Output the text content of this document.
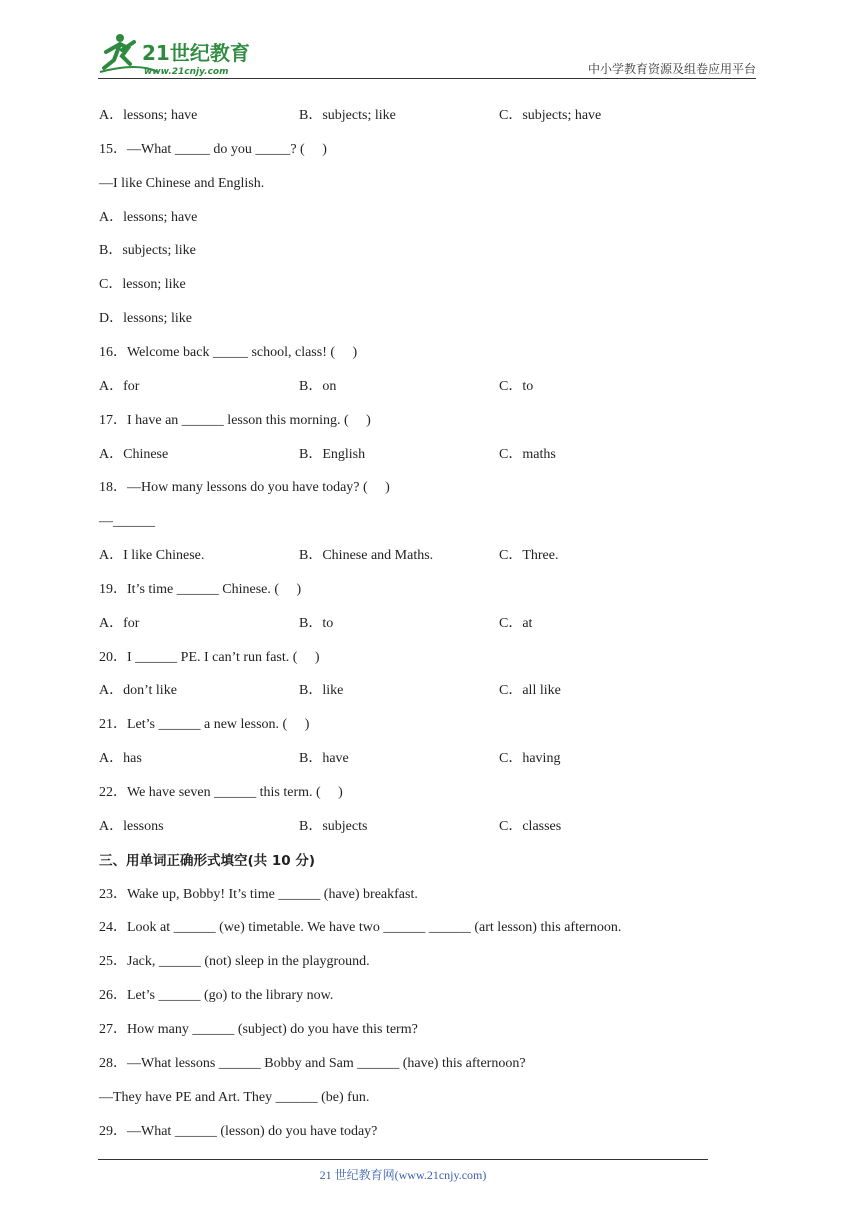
21世纪教育
www.21cnjy.com	中小学教育资源及组卷应用平台
A．lessons; have	B．subjects; like	C．subjects; have
15．—What _____ do you _____? (     )
—I like Chinese and English.
A．lessons; have
B．subjects; like
C．lesson; like
D．lessons; like
16．Welcome back _____ school, class! (     )
A．for	B．on	C．to
17．I have an ______ lesson this morning. (     )
A．Chinese	B．English	C．maths
18．—How many lessons do you have today? (     )
—______
A．I like Chinese.	B．Chinese and Maths.	C．Three.
19．It’s time ______ Chinese. (     )
A．for	B．to	C．at
20．I ______ PE. I can’t run fast. (     )
A．don’t like	B．like	C．all like
21．Let’s ______ a new lesson. (     )
A．has	B．have	C．having
22．We have seven ______ this term. (     )
A．lessons	B．subjects	C．classes
三、用单词正确形式填空(共 10 分)
23．Wake up, Bobby! It’s time ______ (have) breakfast.
24．Look at ______ (we) timetable. We have two ______ ______ (art lesson) this afternoon.
25．Jack, ______ (not) sleep in the playground.
26．Let’s ______ (go) to the library now.
27．How many ______ (subject) do you have this term?
28．—What lessons ______ Bobby and Sam ______ (have) this afternoon?
—They have PE and Art. They ______ (be) fun.
29．—What ______ (lesson) do you have today?
21 世纪教育网(www.21cnjy.com)
